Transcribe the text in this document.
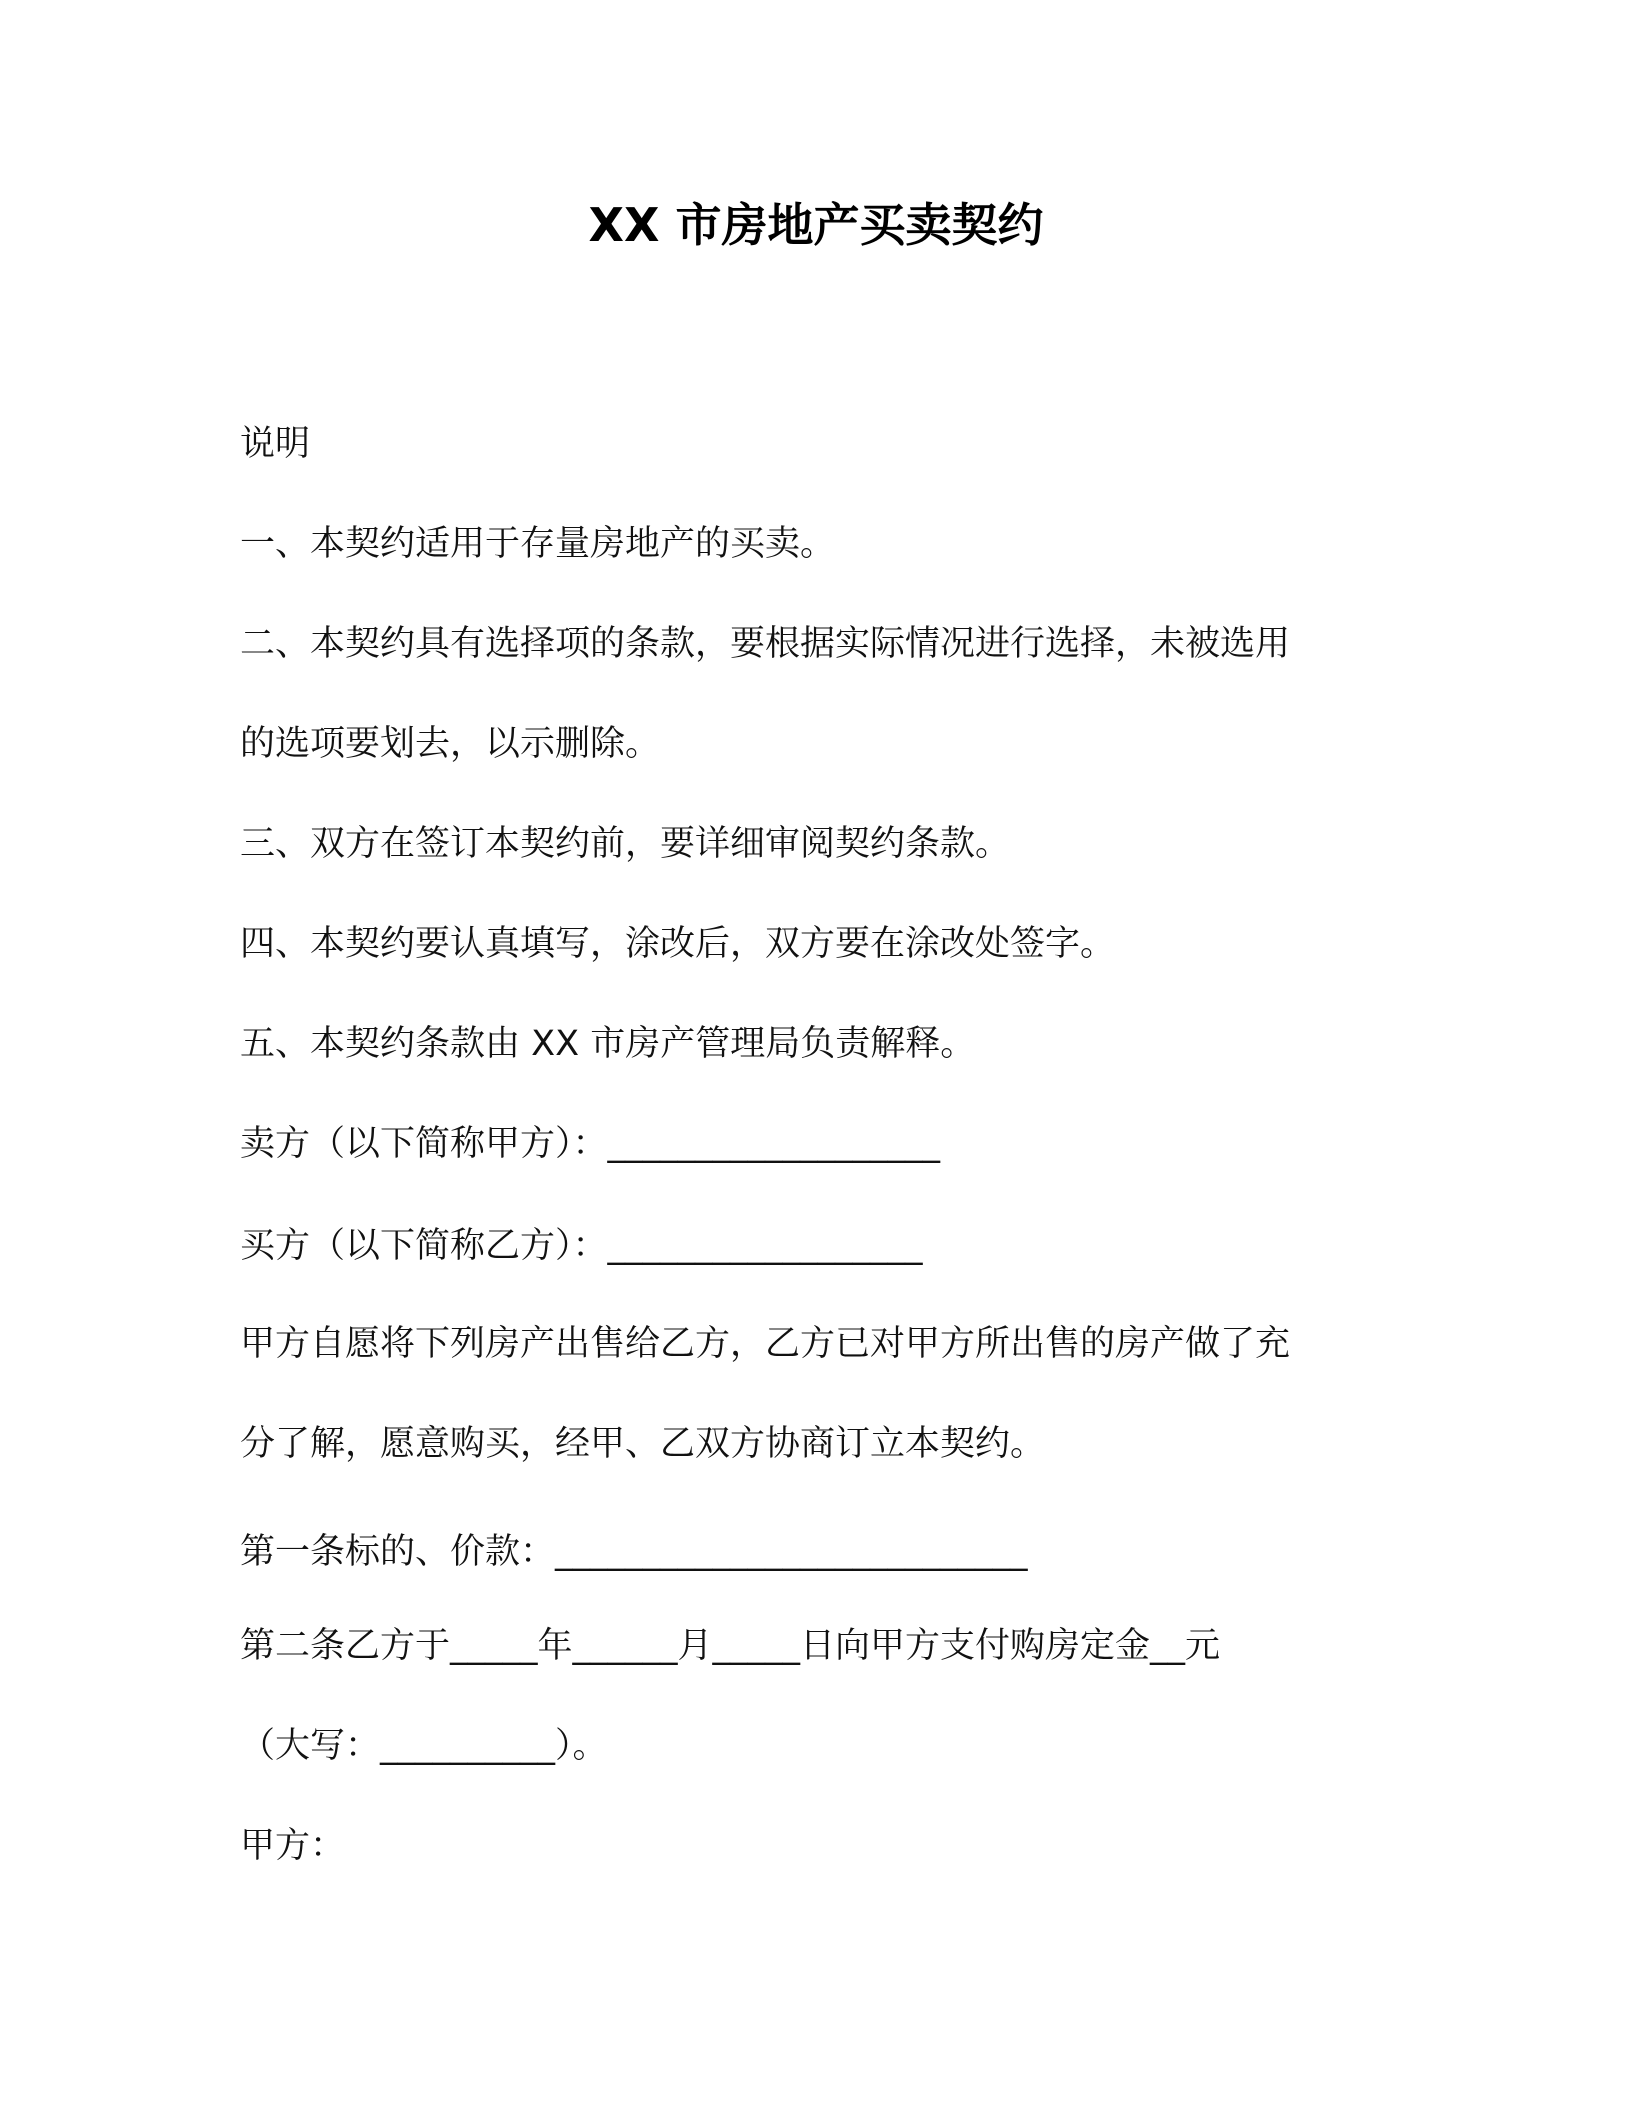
XX 市房地产买卖契约
说明
一、本契约适用于存量房地产的买卖。
二、本契约具有选择项的条款，要根据实际情况进行选择，未被选用
的选项要划去，以示删除。
三、双方在签订本契约前，要详细审阅契约条款。
四、本契约要认真填写，涂改后，双方要在涂改处签字。
五、本契约条款由 XX 市房产管理局负责解释。
卖方（以下简称甲方）：___________________
买方（以下简称乙方）：__________________
甲方自愿将下列房产出售给乙方，乙方已对甲方所出售的房产做了充
分了解，愿意购买，经甲、乙双方协商订立本契约。
第一条标的、价款：___________________________
第二条乙方于_____年______月_____日向甲方支付购房定金__元
（大写：__________）。
甲方：
